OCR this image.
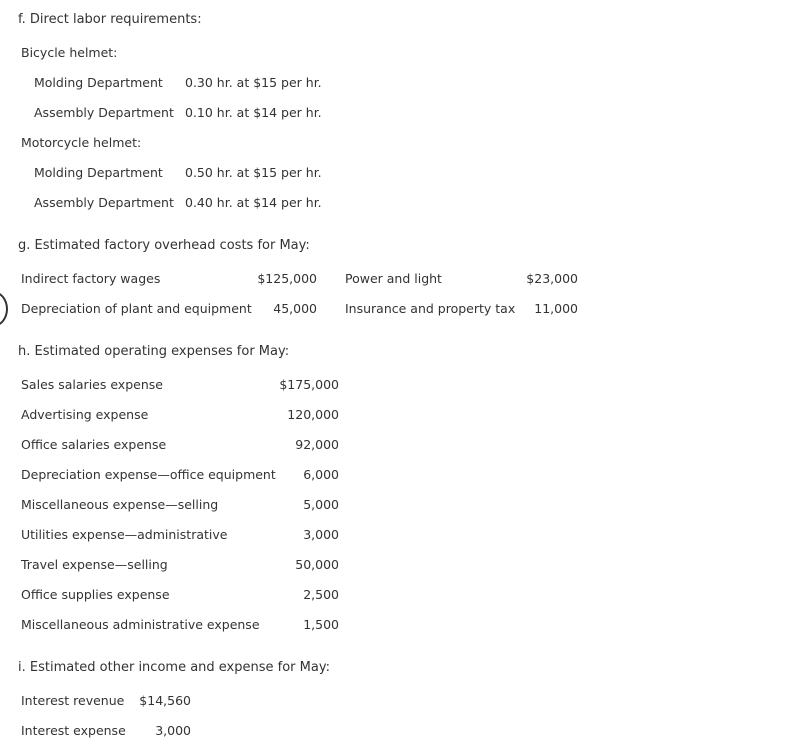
f. Direct labor requirements:
Bicycle helmet:
Molding Department 0.30 hr. at $15 per hr.
Assembly Department 0.10 hr. at $14 per hr.
Motorcycle helmet:
Molding Department 0.50 hr. at $15 per hr.
Assembly Department 0.40 hr. at $14 per hr.
g. Estimated factory overhead costs for May:
Indirect factory wages	$125,000 Power and light	$23,000
Depreciation of plant and equipment 45,000 Insurance and property tax 11,000
h. Estimated operating expenses for May:
Sales salaries expense	$175,000
Advertising expense	120,000
Office salaries expense	92,000
Depreciation expense—office equipment 6,000
Miscellaneous expense—selling	5,000
Utilities expense—administrative	3,000
Travel expense—selling	50,000
Office supplies expense	2,500
Miscellaneous administrative expense	1,500
i. Estimated other income and expense for May:
Interest revenue $14,560
Interest expense 3,000
